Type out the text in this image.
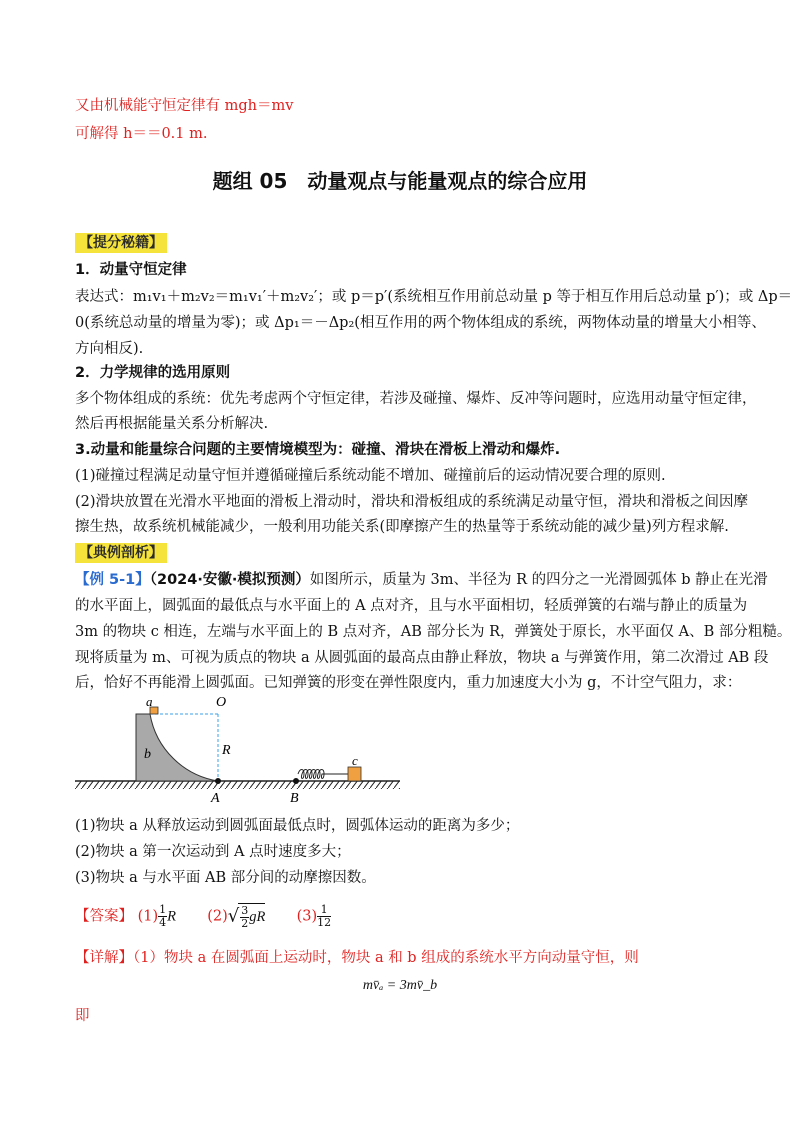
又由机械能守恒定律有 mgh＝mv
可解得 h＝＝0.1 m.
题组 05　动量观点与能量观点的综合应用
【提分秘籍】
1．动量守恒定律
表达式：m₁v₁＋m₂v₂＝m₁v₁′＋m₂v₂′；或 p＝p′(系统相互作用前总动量 p 等于相互作用后总动量 p′)；或 Δp＝
0(系统总动量的增量为零)；或 Δp₁＝－Δp₂(相互作用的两个物体组成的系统，两物体动量的增量大小相等、
方向相反).
2．力学规律的选用原则
多个物体组成的系统：优先考虑两个守恒定律，若涉及碰撞、爆炸、反冲等问题时，应选用动量守恒定律，
然后再根据能量关系分析解决.
3.动量和能量综合问题的主要情境模型为：碰撞、滑块在滑板上滑动和爆炸.
(1)碰撞过程满足动量守恒并遵循碰撞后系统动能不增加、碰撞前后的运动情况要合理的原则.
(2)滑块放置在光滑水平地面的滑板上滑动时，滑块和滑板组成的系统满足动量守恒，滑块和滑板之间因摩
擦生热，故系统机械能减少，一般利用功能关系(即摩擦产生的热量等于系统动能的减少量)列方程求解.
【典例剖析】
【例 5-1】（2024·安徽·模拟预测）如图所示，质量为 3m、半径为 R 的四分之一光滑圆弧体 b 静止在光滑
的水平面上，圆弧面的最低点与水平面上的 A 点对齐，且与水平面相切，轻质弹簧的右端与静止的质量为
3m 的物块 c 相连，左端与水平面上的 B 点对齐，AB 部分长为 R，弹簧处于原长，水平面仅 A、B 部分粗糙。
现将质量为 m、可视为质点的物块 a 从圆弧面的最高点由静止释放，物块 a 与弹簧作用，第二次滑过 AB 段
后，恰好不再能滑上圆弧面。已知弹簧的形变在弹性限度内，重力加速度大小为 g，不计空气阻力，求：
a
b
O
R
A	B
c
(1)物块 a 从释放运动到圆弧面最低点时，圆弧体运动的距离为多少；
(2)物块 a 第一次运动到 A 点时速度多大；
(3)物块 a 与水平面 AB 部分间的动摩擦因数。
【答案】 $(1) \frac{1}{4}$ R $(2)√ \frac{3}{2}$ gR $(3) \frac{1}{12}$
【详解】（1）物块 a 在圆弧面上运动时，物块 a 和 b 组成的系统水平方向动量守恒，则
mv̄ₐ = 3mv̄_b
即
